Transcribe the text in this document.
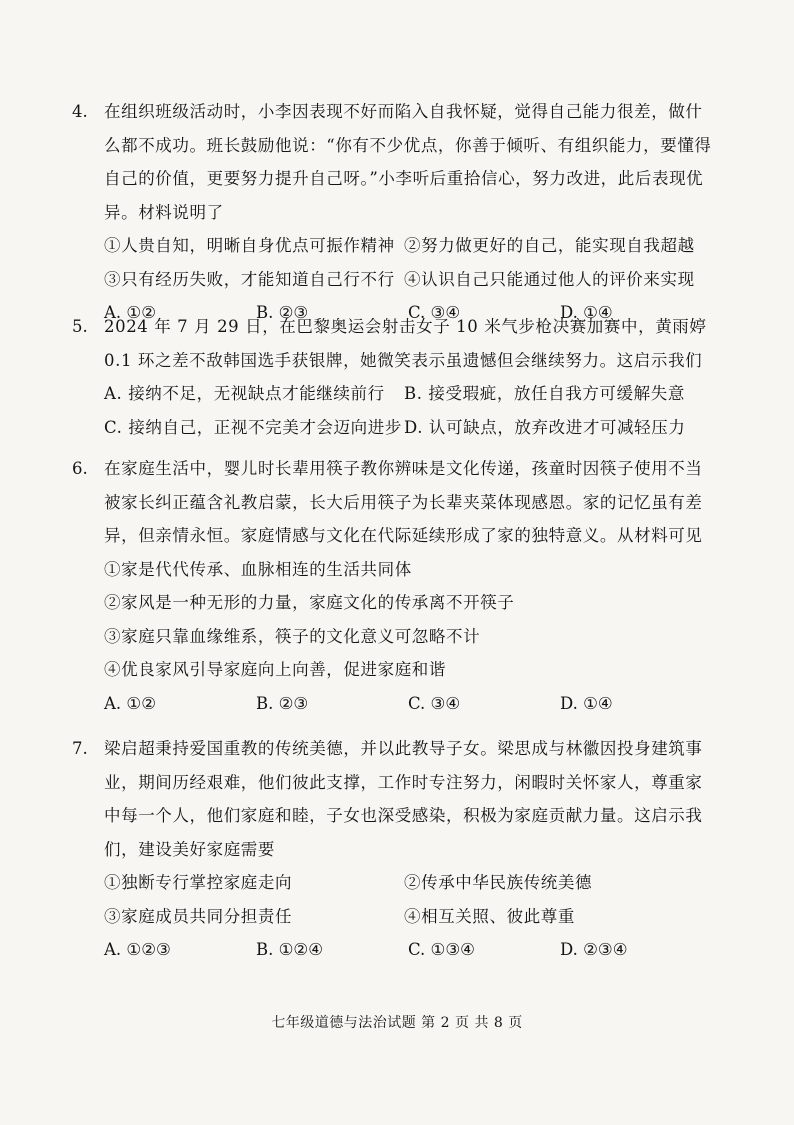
4. 在组织班级活动时，小李因表现不好而陷入自我怀疑，觉得自己能力很差，做什么都不成功。班长鼓励他说：“你有不少优点，你善于倾听、有组织能力，要懂得自己的价值，更要努力提升自己呀。”小李听后重拾信心，努力改进，此后表现优异。材料说明了
①人贵自知，明晰自身优点可振作精神 ②努力做更好的自己，能实现自我超越
③只有经历失败，才能知道自己行不行 ④认识自己只能通过他人的评价来实现
A. ①②	B. ②③	C. ③④	D. ①④
5. 2024 年 7 月 29 日，在巴黎奥运会射击女子 10 米气步枪决赛加赛中，黄雨婷 0.1 环之差不敌韩国选手获银牌，她微笑表示虽遗憾但会继续努力。这启示我们
A. 接纳不足，无视缺点才能继续前行	B. 接受瑕疵，放任自我方可缓解失意
C. 接纳自己，正视不完美才会迈向进步 D. 认可缺点，放弃改进才可减轻压力
6. 在家庭生活中，婴儿时长辈用筷子教你辨味是文化传递，孩童时因筷子使用不当被家长纠正蕴含礼教启蒙，长大后用筷子为长辈夹菜体现感恩。家的记忆虽有差异，但亲情永恒。家庭情感与文化在代际延续形成了家的独特意义。从材料可见
①家是代代传承、血脉相连的生活共同体
②家风是一种无形的力量，家庭文化的传承离不开筷子
③家庭只靠血缘维系，筷子的文化意义可忽略不计
④优良家风引导家庭向上向善，促进家庭和谐
A. ①②	B. ②③	C. ③④	D. ①④
7. 梁启超秉持爱国重教的传统美德，并以此教导子女。梁思成与林徽因投身建筑事业，期间历经艰难，他们彼此支撑，工作时专注努力，闲暇时关怀家人，尊重家中每一个人，他们家庭和睦，子女也深受感染，积极为家庭贡献力量。这启示我们，建设美好家庭需要
①独断专行掌控家庭走向	②传承中华民族传统美德
③家庭成员共同分担责任	④相互关照、彼此尊重
A. ①②③	B. ①②④	C. ①③④	D. ②③④
七年级道德与法治试题 第 2 页 共 8 页
